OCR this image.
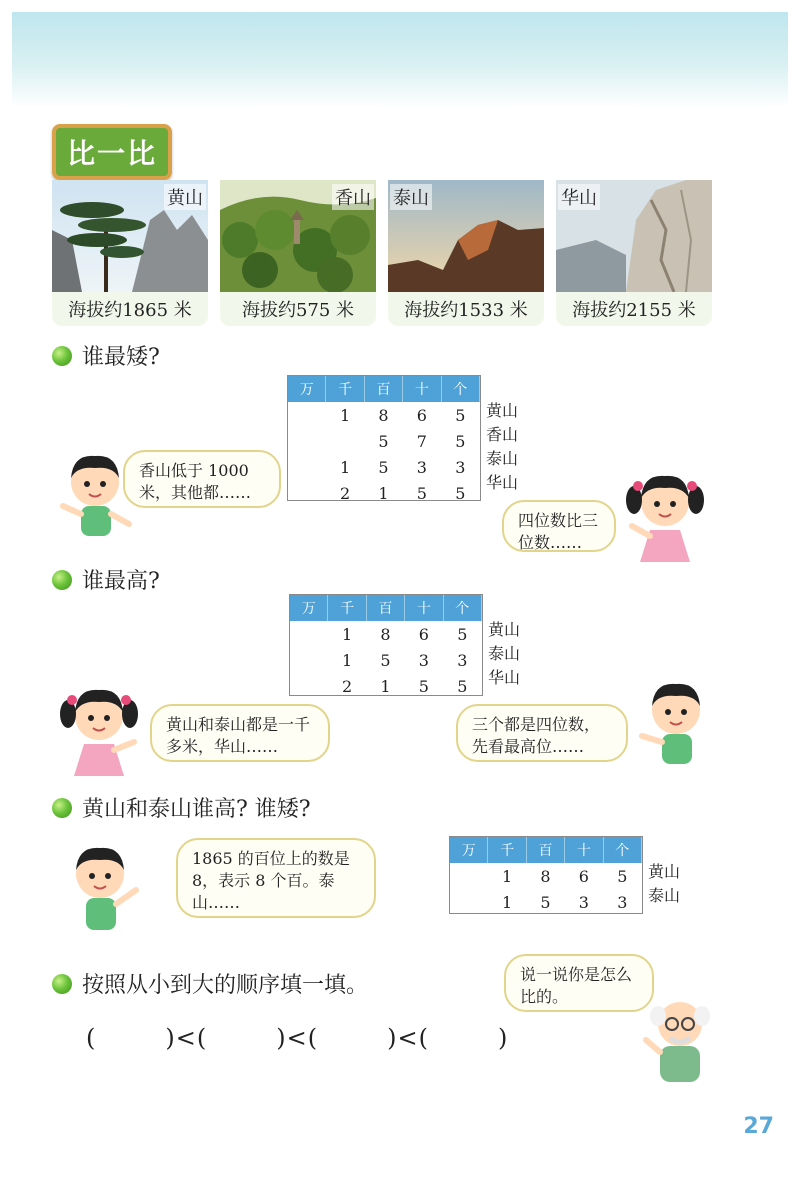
比一比
黄山
海拔约1865 米
香山
海拔约575 米
泰山
海拔约1533 米
华山
海拔约2155 米
谁最矮?
万	千	百	十	个
	1	8	6	5
		5	7	5
	1	5	3	3
	2	1	5	5
黄山
香山
泰山
华山
香山低于 1000 米，其他都……
四位数比三位数……
谁最高?
万	千	百	十	个
	1	8	6	5
	1	5	3	3
	2	1	5	5
黄山
泰山
华山
黄山和泰山都是一千多米，华山……
三个都是四位数，先看最高位……
黄山和泰山谁高? 谁矮?
1865 的百位上的数是 8，表示 8 个百。泰山……
万	千	百	十	个
	1	8	6	5
	1	5	3	3
黄山
泰山
按照从小到大的顺序填一填。	说一说你是怎么比的。
(        )<(        )<(        )<(        )
27
